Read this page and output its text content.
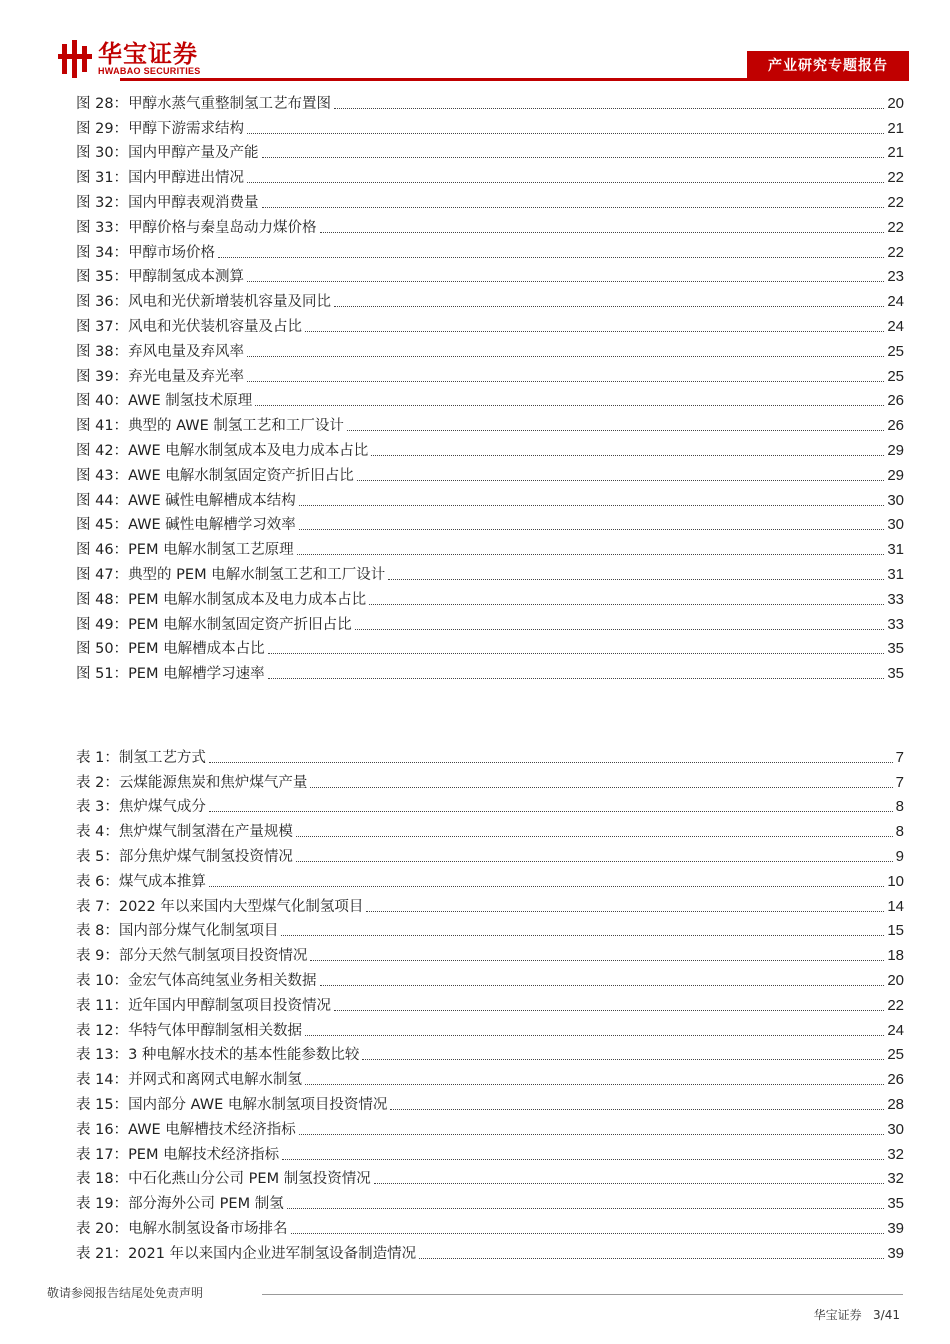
华宝证券
HWABAO SECURITIES	产业研究专题报告
图 28： 甲醇水蒸气重整制氢工艺布置图	20
图 29： 甲醇下游需求结构	21
图 30： 国内甲醇产量及产能	21
图 31： 国内甲醇进出情况	22
图 32： 国内甲醇表观消费量	22
图 33： 甲醇价格与秦皇岛动力煤价格	22
图 34： 甲醇市场价格	22
图 35： 甲醇制氢成本测算	23
图 36： 风电和光伏新增装机容量及同比	24
图 37： 风电和光伏装机容量及占比	24
图 38： 弃风电量及弃风率	25
图 39： 弃光电量及弃光率	25
图 40： AWE 制氢技术原理	26
图 41： 典型的 AWE 制氢工艺和工厂设计	26
图 42： AWE 电解水制氢成本及电力成本占比	29
图 43： AWE 电解水制氢固定资产折旧占比	29
图 44： AWE 碱性电解槽成本结构	30
图 45： AWE 碱性电解槽学习效率	30
图 46： PEM 电解水制氢工艺原理	31
图 47： 典型的 PEM 电解水制氢工艺和工厂设计	31
图 48： PEM 电解水制氢成本及电力成本占比	33
图 49： PEM 电解水制氢固定资产折旧占比	33
图 50： PEM 电解槽成本占比	35
图 51： PEM 电解槽学习速率	35
表 1： 制氢工艺方式	7
表 2： 云煤能源焦炭和焦炉煤气产量	7
表 3： 焦炉煤气成分	8
表 4： 焦炉煤气制氢潜在产量规模	8
表 5： 部分焦炉煤气制氢投资情况	9
表 6： 煤气成本推算	10
表 7： 2022 年以来国内大型煤气化制氢项目	14
表 8： 国内部分煤气化制氢项目	15
表 9： 部分天然气制氢项目投资情况	18
表 10： 金宏气体高纯氢业务相关数据	20
表 11： 近年国内甲醇制氢项目投资情况	22
表 12： 华特气体甲醇制氢相关数据	24
表 13： 3 种电解水技术的基本性能参数比较	25
表 14： 并网式和离网式电解水制氢	26
表 15： 国内部分 AWE 电解水制氢项目投资情况	28
表 16： AWE 电解槽技术经济指标	30
表 17： PEM 电解技术经济指标	32
表 18： 中石化燕山分公司 PEM 制氢投资情况	32
表 19： 部分海外公司 PEM 制氢	35
表 20： 电解水制氢设备市场排名	39
表 21： 2021 年以来国内企业进军制氢设备制造情况	39
敬请参阅报告结尾处免责声明
华宝证券 3/41
